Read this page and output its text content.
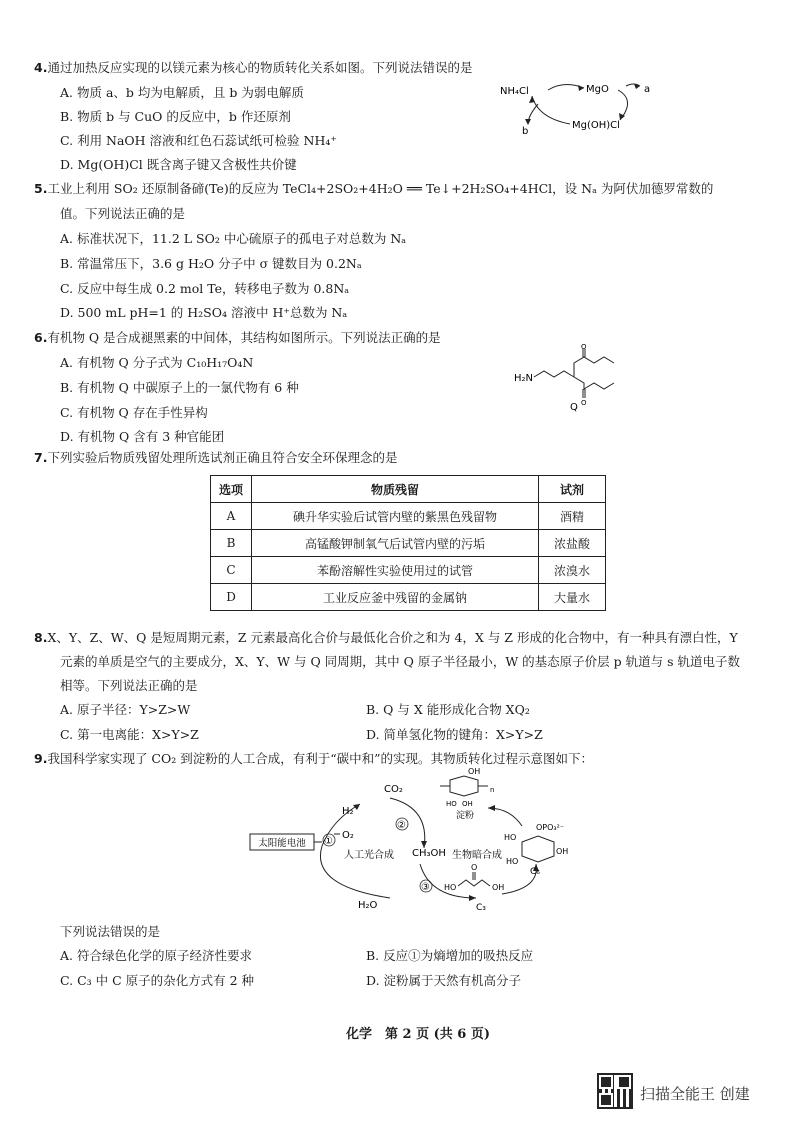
4.通过加热反应实现的以镁元素为核心的物质转化关系如图。下列说法错误的是
A. 物质 a、b 均为电解质，且 b 为弱电解质
B. 物质 b 与 CuO 的反应中，b 作还原剂
C. 利用 NaOH 溶液和红色石蕊试纸可检验 NH₄⁺
D. Mg(OH)Cl 既含离子键又含极性共价键
NH₄Cl	MgO	a
b
Mg(OH)Cl
5.工业上利用 SO₂ 还原制备碲(Te)的反应为 TeCl₄+2SO₂+4H₂O ══ Te↓+2H₂SO₄+4HCl，设 Nₐ 为阿伏加德罗常数的
值。下列说法正确的是
A. 标准状况下，11.2 L SO₂ 中心硫原子的孤电子对总数为 Nₐ
B. 常温常压下，3.6 g H₂O 分子中 σ 键数目为 0.2Nₐ
C. 反应中每生成 0.2 mol Te，转移电子数为 0.8Nₐ
D. 500 mL pH=1 的 H₂SO₄ 溶液中 H⁺总数为 Nₐ
6.有机物 Q 是合成褪黑素的中间体，其结构如图所示。下列说法正确的是
A. 有机物 Q 分子式为 C₁₀H₁₇O₄N
B. 有机物 Q 中碳原子上的一氯代物有 6 种
C. 有机物 Q 存在手性异构
D. 有机物 Q 含有 3 种官能团
H₂N
O
O
Q
7.下列实验后物质残留处理所选试剂正确且符合安全环保理念的是
选项	物质残留	试剂
A	碘升华实验后试管内壁的紫黑色残留物	酒精
B	高锰酸钾制氧气后试管内壁的污垢	浓盐酸
C	苯酚溶解性实验使用过的试管	浓溴水
D	工业反应釜中残留的金属钠	大量水
8.X、Y、Z、W、Q 是短周期元素，Z 元素最高化合价与最低化合价之和为 4，X 与 Z 形成的化合物中，有一种具有漂白性，Y
元素的单质是空气的主要成分，X、Y、W 与 Q 同周期，其中 Q 原子半径最小，W 的基态原子价层 p 轨道与 s 轨道电子数
相等。下列说法正确的是
A. 原子半径：Y>Z>W	B. Q 与 X 能形成化合物 XQ₂
C. 第一电离能：X>Y>Z	D. 简单氢化物的键角：X>Y>Z
9.我国科学家实现了 CO₂ 到淀粉的人工合成，有利于“碳中和”的实现。其物质转化过程示意图如下：
太阳能电池 ①
H₂
O₂
H₂O
CO₂
②
人工光合成 CH₃OH
③
生物暗合成
HO
O
OH
C₃
OPO₃²⁻
HO
HO
OH
C₆
OH
HO OH
n
淀粉
下列说法错误的是
A. 符合绿色化学的原子经济性要求	B. 反应①为熵增加的吸热反应
C. C₃ 中 C 原子的杂化方式有 2 种	D. 淀粉属于天然有机高分子
化学　第 2 页 (共 6 页)
扫描全能王 创建
